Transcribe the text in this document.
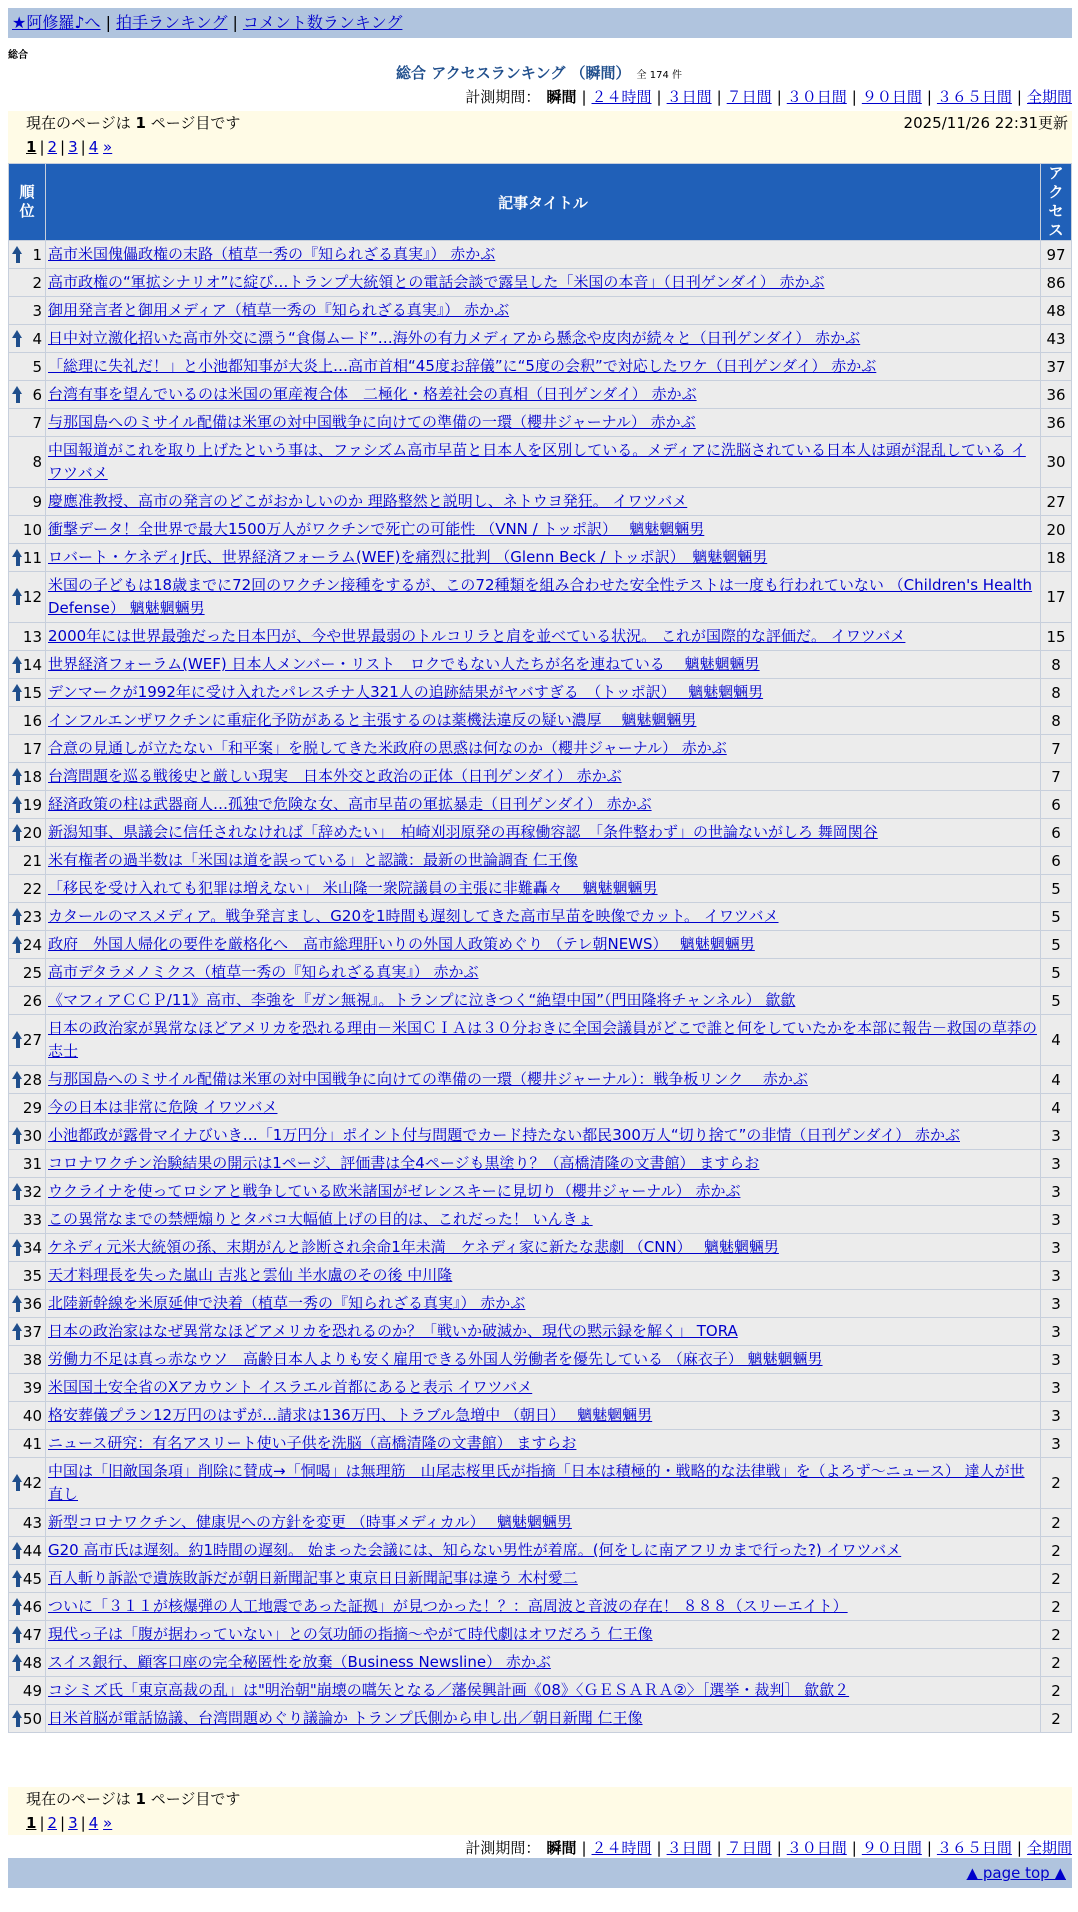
★阿修羅♪へ | 拍手ランキング | コメント数ランキング
総合
総合 アクセスランキング （瞬間） 全 174 件
計測期間： 瞬間 | ２４時間 | ３日間 | ７日間 | ３０日間 | ９０日間 | ３６５日間 | 全期間
現在のページは 1 ページ目です	2025/11/26 22:31更新
1 | 2 | 3 | 4 »
順位	記事タイトル	アクセス

1	高市米国傀儡政権の末路（植草一秀の『知られざる真実』） 赤かぶ	97
2	高市政権の“軍拡シナリオ”に綻び…トランプ大統領との電話会談で露呈した「米国の本音」（日刊ゲンダイ） 赤かぶ	86
3	御用発言者と御用メディア（植草一秀の『知られざる真実』） 赤かぶ	48

4	日中対立激化招いた高市外交に漂う“食傷ムード”…海外の有力メディアから懸念や皮肉が続々と（日刊ゲンダイ） 赤かぶ	43
5	「総理に失礼だ！」と小池都知事が大炎上…高市首相“45度お辞儀”に“5度の会釈”で対応したワケ（日刊ゲンダイ） 赤かぶ	37

6	台湾有事を望んでいるのは米国の軍産複合体　二極化・格差社会の真相（日刊ゲンダイ） 赤かぶ	36
7	与那国島へのミサイル配備は米軍の対中国戦争に向けての準備の一環（櫻井ジャーナル） 赤かぶ	36
8	中国報道がこれを取り上げたという事は、ファシズム高市早苗と日本人を区別している。メディアに洗脳されている日本人は頭が混乱している イワツバメ	30
9	慶應准教授、高市の発言のどこがおかしいのか 理路整然と説明し、ネトウヨ発狂。 イワツバメ	27
10	衝撃データ！全世界で最大1500万人がワクチンで死亡の可能性 （VNN / トッポ訳）　 魑魅魍魎男	20

11	ロバート・ケネディJr氏、世界経済フォーラム(WEF)を痛烈に批判 （Glenn Beck / トッポ訳）　魑魅魍魎男	18

12	米国の子どもは18歳までに72回のワクチン接種をするが、この72種類を組み合わせた安全性テストは一度も行われていない （Children's Health Defense） 魑魅魍魎男	17
13	2000年には世界最強だった日本円が、今や世界最弱のトルコリラと肩を並べている状況。 これが国際的な評価だ。 イワツバメ	15

14	世界経済フォーラム(WEF) 日本人メンバー・リスト　ロクでもない人たちが名を連ねている　 魑魅魍魎男	8

15	デンマークが1992年に受け入れたパレスチナ人321人の追跡結果がヤバすぎる　（トッポ訳）　 魑魅魍魎男	8
16	インフルエンザワクチンに重症化予防があると主張するのは薬機法違反の疑い濃厚　 魑魅魍魎男	8
17	合意の見通しが立たない「和平案」を脱してきた米政府の思惑は何なのか（櫻井ジャーナル） 赤かぶ	7

18	台湾問題を巡る戦後史と厳しい現実　日本外交と政治の正体（日刊ゲンダイ） 赤かぶ	7

19	経済政策の柱は武器商人…孤独で危険な女、高市早苗の軍拡暴走（日刊ゲンダイ） 赤かぶ	6

20	新潟知事、県議会に信任されなければ「辞めたい」　柏崎刈羽原発の再稼働容認　「条件整わず」の世論ないがしろ 舞岡関谷	6
21	米有権者の過半数は「米国は道を誤っている」と認識：最新の世論調査 仁王像	6
22	「移民を受け入れても犯罪は増えない」 米山隆一衆院議員の主張に非難轟々　 魑魅魍魎男	5

23	カタールのマスメディア。戦争発言まし、G20を1時間も遅刻してきた高市早苗を映像でカット。 イワツバメ	5

24	政府　外国人帰化の要件を厳格化へ　高市総理肝いりの外国人政策めぐり （テレ朝NEWS）　 魑魅魍魎男	5
25	高市デタラメノミクス（植草一秀の『知られざる真実』） 赤かぶ	5
26	《マフィアＣＣＰ/11》高市、李強を『ガン無視』。トランプに泣きつく“絶望中国”（門田隆将チャンネル） 歙歙	5

27	日本の政治家が異常なほどアメリカを恐れる理由－米国ＣＩＡは３０分おきに全国会議員がどこで誰と何をしていたかを本部に報告－救国の草莽の志士	4

28	与那国島へのミサイル配備は米軍の対中国戦争に向けての準備の一環（櫻井ジャーナル）：戦争板リンク　 赤かぶ	4
29	今の日本は非常に危険 イワツバメ	4

30	小池都政が露骨マイナびいき…「1万円分」ポイント付与問題でカード持たない都民300万人“切り捨て”の非情（日刊ゲンダイ） 赤かぶ	3
31	コロナワクチン治験結果の開示は1ページ、評価書は全4ページも黒塗り？（高橋清隆の文書館） ますらお	3

32	ウクライナを使ってロシアと戦争している欧米諸国がゼレンスキーに見切り（櫻井ジャーナル） 赤かぶ	3
33	この異常なまでの禁煙煽りとタバコ大幅値上げの目的は、これだった！ いんきょ	3

34	ケネディ元米大統領の孫、末期がんと診断され余命1年未満　ケネディ家に新たな悲劇 （CNN）　 魑魅魍魎男	3
35	天才料理長を失った嵐山 吉兆と雲仙 半水盧のその後 中川隆	3

36	北陸新幹線を米原延伸で決着（植草一秀の『知られざる真実』） 赤かぶ	3

37	日本の政治家はなぜ異常なほどアメリカを恐れるのか？「戦いか破滅か、現代の黙示録を解く」 TORA	3
38	労働力不足は真っ赤なウソ　高齢日本人よりも安く雇用できる外国人労働者を優先している （麻衣子） 魑魅魍魎男	3
39	米国国土安全省のXアカウント イスラエル首都にあると表示 イワツバメ	3
40	格安葬儀プラン12万円のはずが…請求は136万円、トラブル急増中 （朝日）　 魑魅魍魎男	3
41	ニュース研究：有名アスリート使い子供を洗脳（高橋清隆の文書館） ますらお	3

42	中国は「旧敵国条項」削除に賛成→「恫喝」は無理筋　山尾志桜里氏が指摘「日本は積極的・戦略的な法律戦」を（よろず～ニュース） 達人が世直し	2
43	新型コロナワクチン、健康児への方針を変更 （時事メディカル）　 魑魅魍魎男	2

44	G20 高市氏は遅刻。約1時間の遅刻。 始まった会議には、知らない男性が着席。(何をしに南アフリカまで行った?) イワツバメ	2

45	百人斬り訴訟で遺族敗訴だが朝日新聞記事と東京日日新聞記事は違う 木村愛二	2

46	ついに「３１１が核爆弾の人工地震であった証拠」が見つかった！？：高周波と音波の存在！ ８８８（スリーエイト）	2

47	現代っ子は「腹が据わっていない」との気功師の指摘～やがて時代劇はオワだろう 仁王像	2

48	スイス銀行、顧客口座の完全秘匿性を放棄（Business Newsline） 赤かぶ	2
49	コシミズ氏「東京高裁の乱」は"明治朝"崩壊の嚆矢となる／藩侯興計画《08》〈ＧＥＳＡＲＡ②〉［選挙・裁判］ 歙歙２	2

50	日米首脳が電話協議、台湾問題めぐり議論か トランプ氏側から申し出／朝日新聞 仁王像	2
現在のページは 1 ページ目です
1 | 2 | 3 | 4 »
計測期間： 瞬間 | ２４時間 | ３日間 | ７日間 | ３０日間 | ９０日間 | ３６５日間 | 全期間
▲ page top ▲
